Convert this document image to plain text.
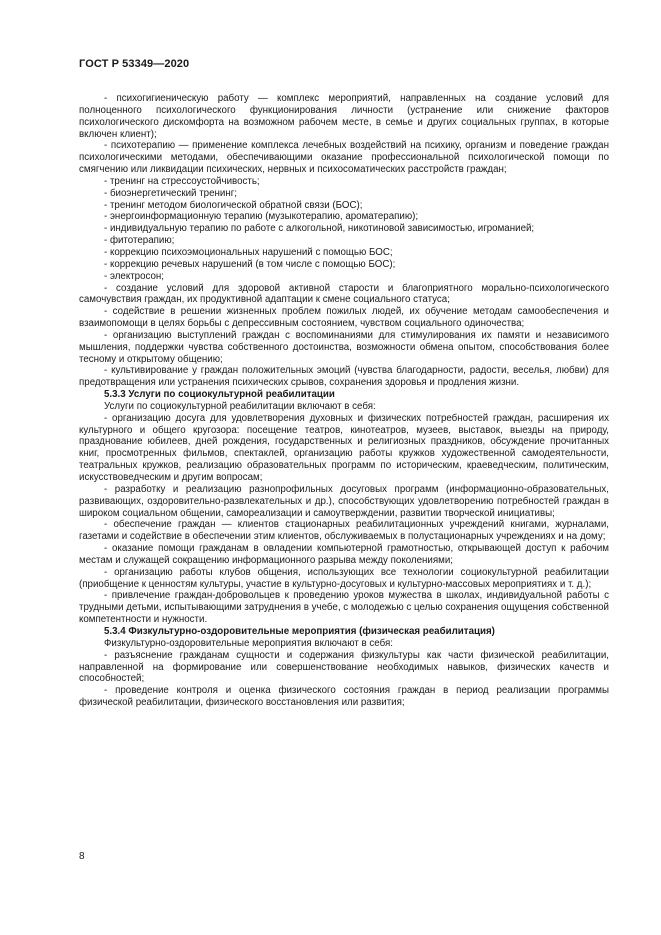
ГОСТ Р 53349—2020

- психогигиеническую работу — комплекс мероприятий, направленных на создание условий для полноценного психологического функционирования личности (устранение или снижение факторов психологического дискомфорта на возможном рабочем месте, в семье и других социальных группах, в которые включен клиент);

- психотерапию — применение комплекса лечебных воздействий на психику, организм и поведение граждан психологическими методами, обеспечивающими оказание профессиональной психологической помощи по смягчению или ликвидации психических, нервных и психосоматических расстройств граждан;

- тренинг на стрессоустойчивость;

- биоэнергетический тренинг;

- тренинг методом биологической обратной связи (БОС);

- энергоинформационную терапию (музыкотерапию, ароматерапию);

- индивидуальную терапию по работе с алкогольной, никотиновой зависимостью, игроманией;

- фитотерапию;

- коррекцию психоэмоциональных нарушений с помощью БОС;

- коррекцию речевых нарушений (в том числе с помощью БОС);

- электросон;

- создание условий для здоровой активной старости и благоприятного морально-психологического самочувствия граждан, их продуктивной адаптации к смене социального статуса;

- содействие в решении жизненных проблем пожилых людей, их обучение методам самообеспечения и взаимопомощи в целях борьбы с депрессивным состоянием, чувством социального одиночества;

- организацию выступлений граждан с воспоминаниями для стимулирования их памяти и независимого мышления, поддержки чувства собственного достоинства, возможности обмена опытом, способствования более тесному и открытому общению;

- культивирование у граждан положительных эмоций (чувства благодарности, радости, веселья, любви) для предотвращения или устранения психических срывов, сохранения здоровья и продления жизни.

5.3.3 Услуги по социокультурной реабилитации

Услуги по социокультурной реабилитации включают в себя:

- организацию досуга для удовлетворения духовных и физических потребностей граждан, расширения их культурного и общего кругозора: посещение театров, кинотеатров, музеев, выставок, выезды на природу, празднование юбилеев, дней рождения, государственных и религиозных праздников, обсуждение прочитанных книг, просмотренных фильмов, спектаклей, организацию работы кружков художественной самодеятельности, театральных кружков, реализацию образовательных программ по историческим, краеведческим, политическим, искусствоведческим и другим вопросам;

- разработку и реализацию разнопрофильных досуговых программ (информационно-образовательных, развивающих, оздоровительно-развлекательных и др.), способствующих удовлетворению потребностей граждан в широком социальном общении, самореализации и самоутверждении, развитии творческой инициативы;

- обеспечение граждан — клиентов стационарных реабилитационных учреждений книгами, журналами, газетами и содействие в обеспечении этим клиентов, обслуживаемых в полустационарных учреждениях и на дому;

- оказание помощи гражданам в овладении компьютерной грамотностью, открывающей доступ к рабочим местам и служащей сокращению информационного разрыва между поколениями;

- организацию работы клубов общения, использующих все технологии социокультурной реабилитации (приобщение к ценностям культуры, участие в культурно-досуговых и культурно-массовых мероприятиях и т. д.);

- привлечение граждан-добровольцев к проведению уроков мужества в школах, индивидуальной работы с трудными детьми, испытывающими затруднения в учебе, с молодежью с целью сохранения ощущения собственной компетентности и нужности.

5.3.4 Физкультурно-оздоровительные мероприятия (физическая реабилитация)

Физкультурно-оздоровительные мероприятия включают в себя:

- разъяснение гражданам сущности и содержания физкультуры как части физической реабилитации, направленной на формирование или совершенствование необходимых навыков, физических качеств и способностей;

- проведение контроля и оценка физического состояния граждан в период реализации программы физической реабилитации, физического восстановления или развития;

8
